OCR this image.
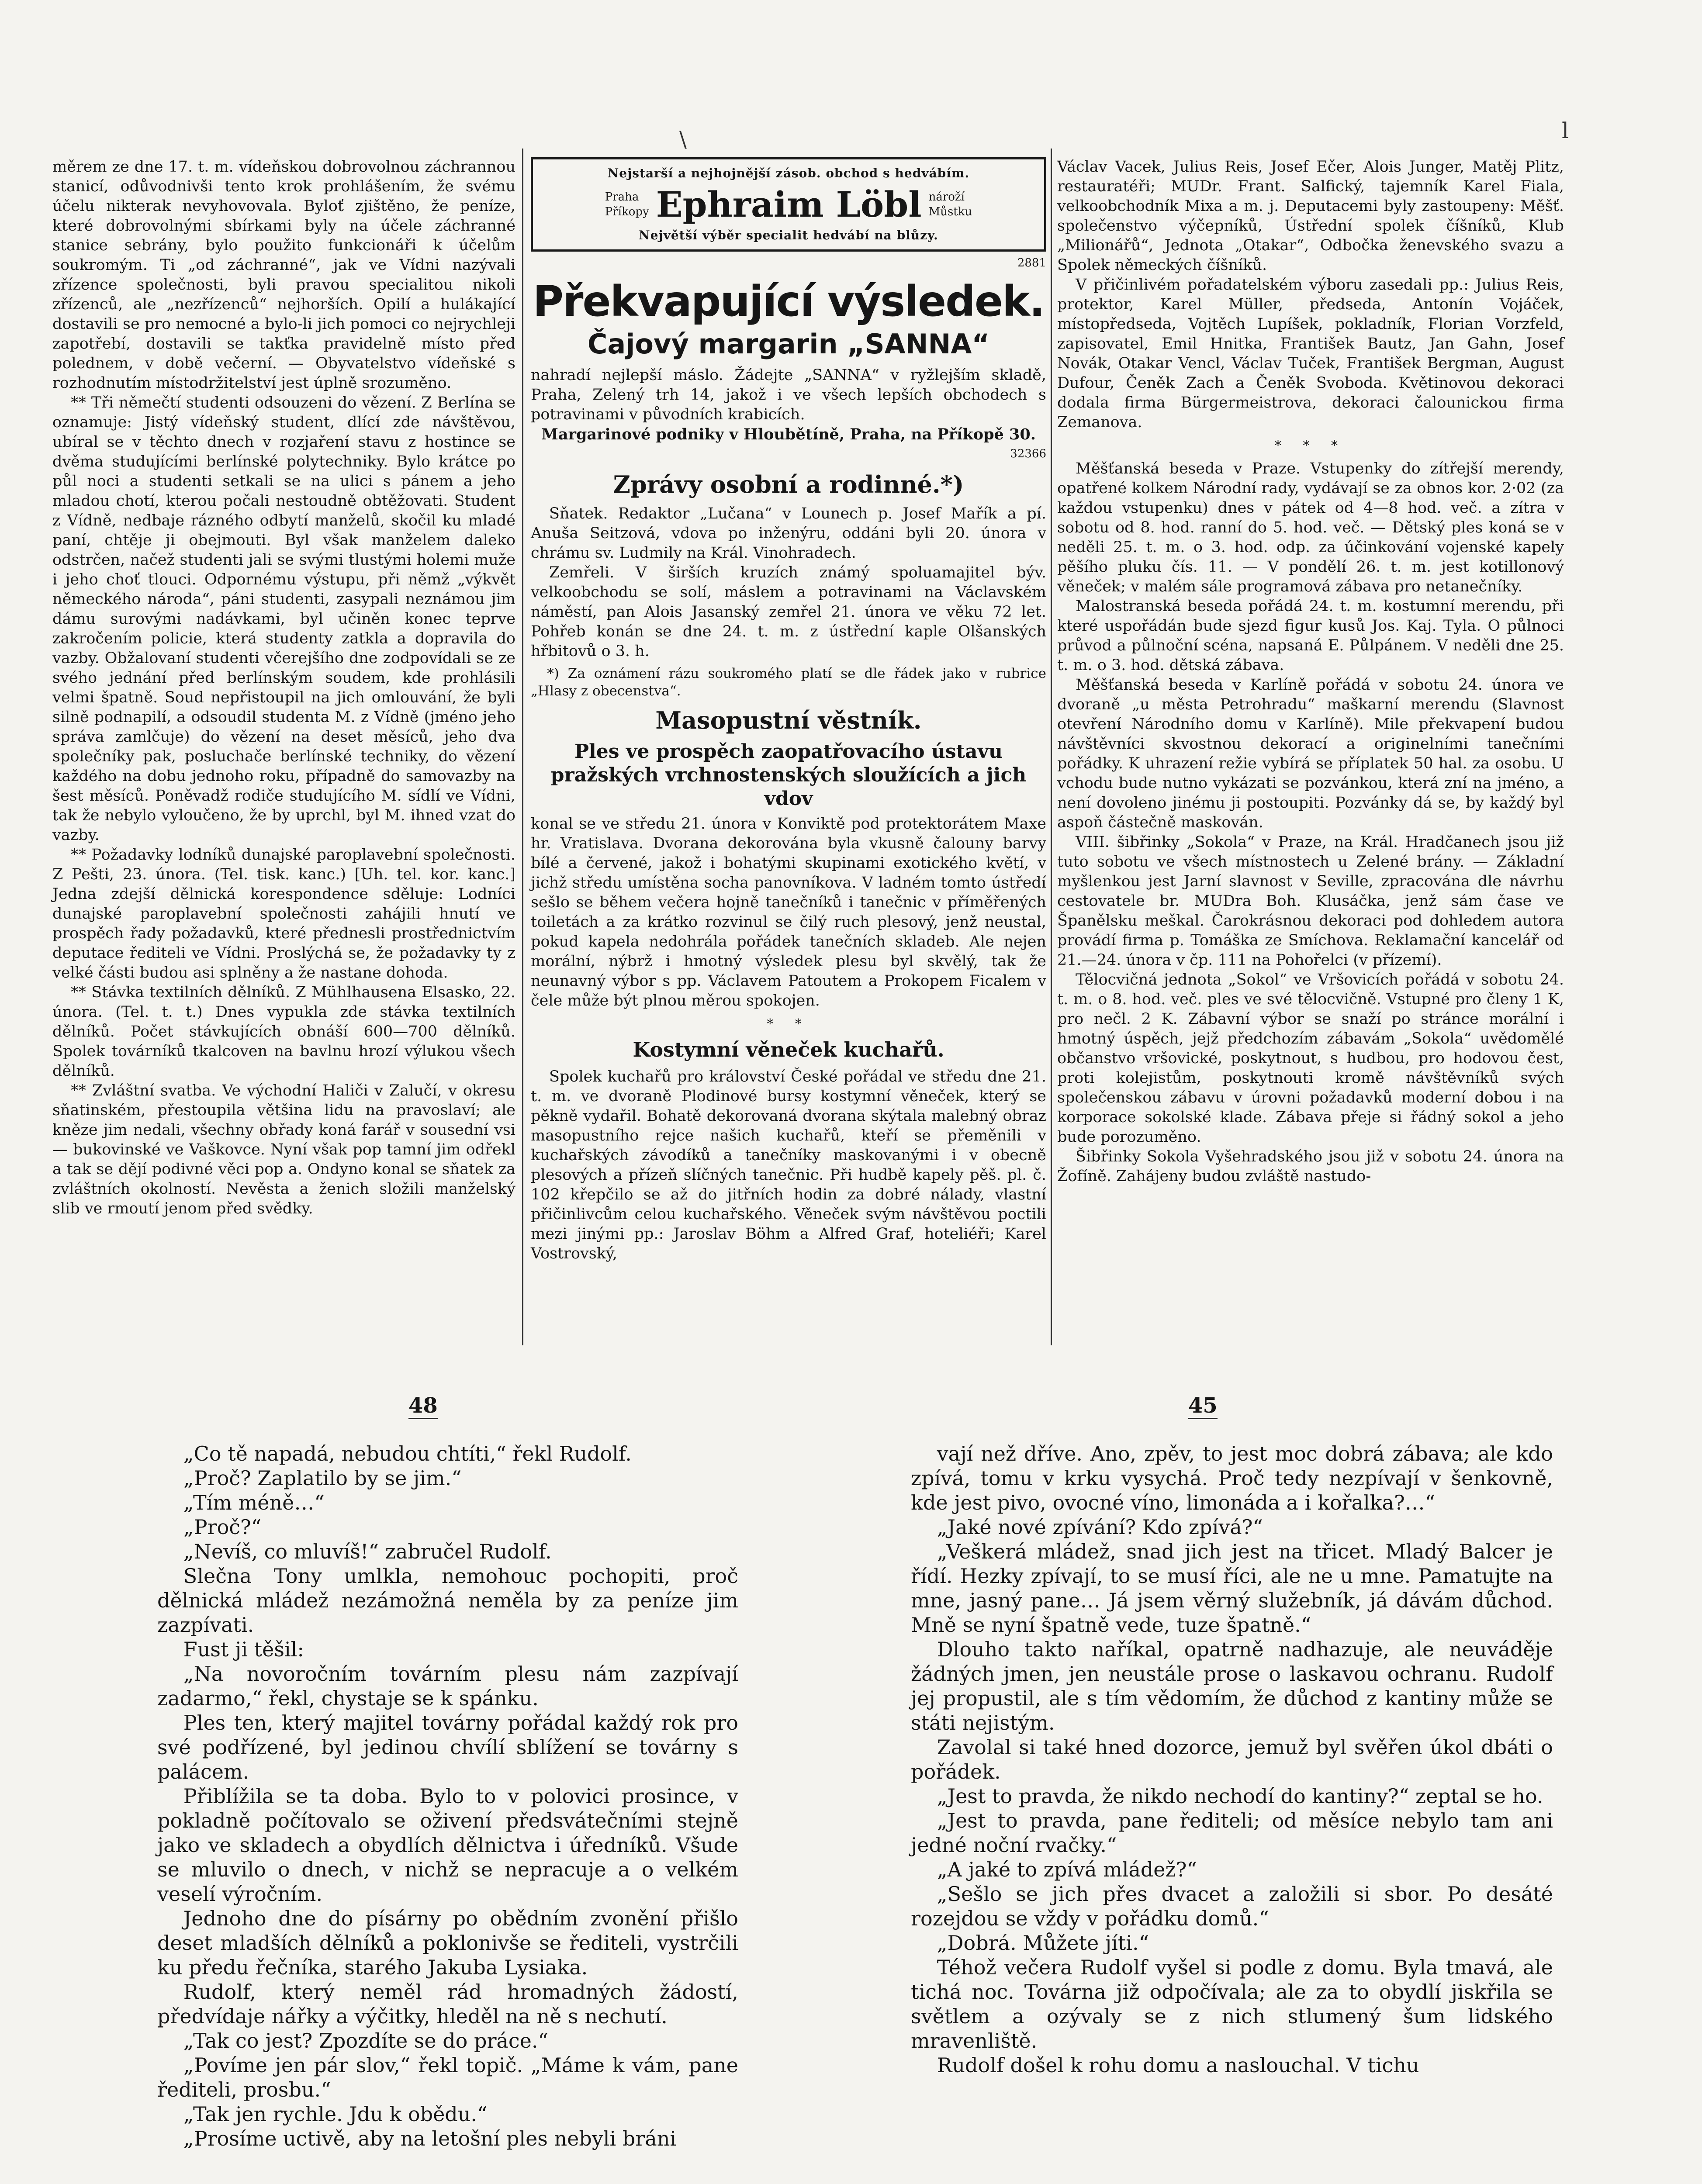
měrem ze dne 17. t. m. vídeňskou dobrovolnou záchrannou stanicí, odůvodnivši tento krok prohlášením, že svému účelu nikterak nevyhovovala. Byloť zjištěno, že peníze, které dobrovolnými sbírkami byly na účele záchranné stanice sebrány, bylo použito funkcionáři k účelům soukromým. Ti „od záchranné“, jak ve Vídni nazývali zřízence společnosti, byli pravou specialitou nikoli zřízenců, ale „nezřízenců“ nejhorších. Opilí a hulákající dostavili se pro nemocné a bylo-li jich pomoci co nejrychleji zapotřebí, dostavili se takťka pravidelně místo před polednem, v době večerní. — Obyvatelstvo vídeňské s rozhodnutím místodržitelství jest úplně srozuměno.

** Tři němečtí studenti odsouzeni do vězení. Z Berlína se oznamuje: Jistý vídeňský student, dlící zde návštěvou, ubíral se v těchto dnech v rozjaření stavu z hostince se dvěma studujícími berlínské polytechniky. Bylo krátce po půl noci a studenti setkali se na ulici s pánem a jeho mladou chotí, kterou počali nestoudně obtěžovati. Student z Vídně, nedbaje rázného odbytí manželů, skočil ku mladé paní, chtěje ji obejmouti. Byl však manželem daleko odstrčen, načež studenti jali se svými tlustými holemi muže i jeho choť tlouci. Odpornému výstupu, při němž „výkvět německého národa“, páni studenti, zasypali neznámou jim dámu surovými nadávkami, byl učiněn konec teprve zakročením policie, která studenty zatkla a dopravila do vazby. Obžalovaní studenti včerejšího dne zodpovídali se ze svého jednání před berlínským soudem, kde prohlásili velmi špatně. Soud nepřistoupil na jich omlouvání, že byli silně podnapilí, a odsoudil studenta M. z Vídně (jméno jeho správa zamlčuje) do vězení na deset měsíců, jeho dva společníky pak, posluchače berlínské techniky, do vězení každého na dobu jednoho roku, případně do samovazby na šest měsíců. Poněvadž rodiče studujícího M. sídlí ve Vídni, tak že nebylo vyloučeno, že by uprchl, byl M. ihned vzat do vazby.

** Požadavky lodníků dunajské paroplavební společnosti. Z Pešti, 23. února. (Tel. tisk. kanc.) [Uh. tel. kor. kanc.] Jedna zdejší dělnická korespondence sděluje: Lodníci dunajské paroplavební společnosti zahájili hnutí ve prospěch řady požadavků, které přednesli prostřednictvím deputace řediteli ve Vídni. Proslýchá se, že požadavky ty z velké části budou asi splněny a že nastane dohoda.

** Stávka textilních dělníků. Z Mühlhausena Elsasko, 22. února. (Tel. t. t.) Dnes vypukla zde stávka textilních dělníků. Počet stávkujících obnáší 600—700 dělníků. Spolek továrníků tkalcoven na bavlnu hrozí výlukou všech dělníků.

** Zvláštní svatba. Ve východní Haliči v Zalučí, v okresu sňatinském, přestoupila většina lidu na pravoslaví; ale kněze jim nedali, všechny obřady koná farář v sousední vsi — bukovinské ve Vaškovce. Nyní však pop tamní jim odřekl a tak se dějí podivné věci pop a. Ondyno konal se sňatek za zvláštních okolností. Nevěsta a ženich složili manželský slib ve rmoutí jenom před svědky.

Nejstarší a nejhojnější zásob. obchod s hedvábím.
Praha
Příkopy Ephraim Löbl nároží
Můstku
Největší výběr specialit hedvábí na blůzy.
2881
Překvapující výsledek.
Čajový margarin „SANNA“

nahradí nejlepší máslo. Žádejte „SANNA“ v ryžlejším skladě, Praha, Zelený trh 14, jakož i ve všech lepších obchodech s potravinami v původních krabicích.

Margarinové podniky v Hloubětíně, Praha, na Příkopě 30.

32366
Zprávy osobní a rodinné.*)

Sňatek. Redaktor „Lučana“ v Lounech p. Josef Mařík a pí. Anuša Seitzová, vdova po inženýru, oddáni byli 20. února v chrámu sv. Ludmily na Král. Vinohradech.

Zemřeli. V širších kruzích známý spoluamajitel býv. velkoobchodu se solí, máslem a potravinami na Václavském náměstí, pan Alois Jasanský zemřel 21. února ve věku 72 let. Pohřeb konán se dne 24. t. m. z ústřední kaple Olšanských hřbitovů o 3. h.

*) Za oznámení rázu soukromého platí se dle řádek jako v rubrice „Hlasy z obecenstva“.

Masopustní věstník.
Ples ve prospěch zaopatřovacího ústavu pražských vrchnostenských sloužících a jich vdov

konal se ve středu 21. února v Konviktě pod protektorátem Maxe hr. Vratislava. Dvorana dekorována byla vkusně čalouny barvy bílé a červené, jakož i bohatými skupinami exotického květí, v jichž středu umístěna socha panovníkova. V ladném tomto ústředí sešlo se během večera hojně tanečníků i tanečnic v příměřených toiletách a za krátko rozvinul se čilý ruch plesový, jenž neustal, pokud kapela nedohrála pořádek tanečních skladeb. Ale nejen morální, nýbrž i hmotný výsledek plesu byl skvělý, tak že neunavný výbor s pp. Václavem Patoutem a Prokopem Ficalem v čele může být plnou měrou spokojen.

* *
Kostymní věneček kuchařů.

Spolek kuchařů pro království České pořádal ve středu dne 21. t. m. ve dvoraně Plodinové bursy kostymní věneček, který se pěkně vydařil. Bohatě dekorovaná dvorana skýtala malebný obraz masopustního rejce našich kuchařů, kteří se přeměnili v kuchařských závodíků a tanečníky maskovanými i v obecně plesových a přízeň slíčných tanečnic. Při hudbě kapely pěš. pl. č. 102 křepčilo se až do jitřních hodin za dobré nálady, vlastní přičinlivcům celou kuchařského. Věneček svým návštěvou poctili mezi jinými pp.: Jaroslav Böhm a Alfred Graf, hoteliéři; Karel Vostrovský,

Václav Vacek, Julius Reis, Josef Ečer, Alois Junger, Matěj Plitz, restauratéři; MUDr. Frant. Salfický, tajemník Karel Fiala, velkoobchodník Mixa a m. j. Deputacemi byly zastoupeny: Měšť. společenstvo výčepníků, Ústřední spolek číšníků, Klub „Milionářů“, Jednota „Otakar“, Odbočka ženevského svazu a Spolek německých číšníků.

V přičinlivém pořadatelském výboru zasedali pp.: Julius Reis, protektor, Karel Müller, předseda, Antonín Vojáček, místopředseda, Vojtěch Lupíšek, pokladník, Florian Vorzfeld, zapisovatel, Emil Hnitka, František Bautz, Jan Gahn, Josef Novák, Otakar Vencl, Václav Tuček, František Bergman, August Dufour, Čeněk Zach a Čeněk Svoboda. Květinovou dekoraci dodala firma Bürgermeistrova, dekoraci čalounickou firma Zemanova.

* * *

Měšťanská beseda v Praze. Vstupenky do zítřejší merendy, opatřené kolkem Národní rady, vydávají se za obnos kor. 2·02 (za každou vstupenku) dnes v pátek od 4—8 hod. več. a zítra v sobotu od 8. hod. ranní do 5. hod. več. — Dětský ples koná se v neděli 25. t. m. o 3. hod. odp. za účinkování vojenské kapely pěšího pluku čís. 11. — V pondělí 26. t. m. jest kotillonový věneček; v malém sále programová zábava pro netanečníky.

Malostranská beseda pořádá 24. t. m. kostumní merendu, při které uspořádán bude sjezd figur kusů Jos. Kaj. Tyla. O půlnoci průvod a půlnoční scéna, napsaná E. Půlpánem. V neděli dne 25. t. m. o 3. hod. dětská zábava.

Měšťanská beseda v Karlíně pořádá v sobotu 24. února ve dvoraně „u města Petrohradu“ maškarní merendu (Slavnost otevření Národního domu v Karlíně). Mile překvapení budou návštěvníci skvostnou dekorací a originelními tanečními pořádky. K uhrazení režie vybírá se příplatek 50 hal. za osobu. U vchodu bude nutno vykázati se pozvánkou, která zní na jméno, a není dovoleno jinému ji postoupiti. Pozvánky dá se, by každý byl aspoň částečně maskován.

VIII. šibřinky „Sokola“ v Praze, na Král. Hradčanech jsou již tuto sobotu ve všech místnostech u Zelené brány. — Základní myšlenkou jest Jarní slavnost v Seville, zpracována dle návrhu cestovatele br. MUDra Boh. Klusáčka, jenž sám čase ve Španělsku meškal. Čarokrásnou dekoraci pod dohledem autora provádí firma p. Tomáška ze Smíchova. Reklamační kancelář od 21.—24. února v čp. 111 na Pohořelci (v přízemí).

Tělocvičná jednota „Sokol“ ve Vršovicích pořádá v sobotu 24. t. m. o 8. hod. več. ples ve své tělocvičně. Vstupné pro členy 1 K, pro nečl. 2 K. Zábavní výbor se snaží po stránce morální i hmotný úspěch, jejž předchozím zábavám „Sokola“ uvědomělé občanstvo vršovické, poskytnout, s hudbou, pro hodovou čest, proti kolejistům, poskytnouti kromě návštěvníků svých společenskou zábavu v úrovni požadavků moderní dobou i na korporace sokolské klade. Zábava přeje si řádný sokol a jeho bude porozuměno.

Šibřinky Sokola Vyšehradského jsou již v sobotu 24. února na Žofíně. Zahájeny budou zvláště nastudo-

48	45

„Co tě napadá, nebudou chtíti,“ řekl Rudolf.

„Proč? Zaplatilo by se jim.“

„Tím méně…“

„Proč?“

„Nevíš, co mluvíš!“ zabručel Rudolf.

Slečna Tony umlkla, nemohouc pochopiti, proč dělnická mládež nezámožná neměla by za peníze jim zazpívati.

Fust ji těšil:

„Na novoročním továrním plesu nám zazpívají zadarmo,“ řekl, chystaje se k spánku.

Ples ten, který majitel továrny pořádal každý rok pro své podřízené, byl jedinou chvílí sblížení se továrny s palácem.

Přiblížila se ta doba. Bylo to v polovici prosince, v pokladně počítovalo se oživení předsvátečními stejně jako ve skladech a obydlích dělnictva i úředníků. Všude se mluvilo o dnech, v nichž se nepracuje a o velkém veselí výročním.

Jednoho dne do písárny po obědním zvonění přišlo deset mladších dělníků a poklonivše se řediteli, vystrčili ku předu řečníka, starého Jakuba Lysiaka.

Rudolf, který neměl rád hromadných žádostí, předvídaje nářky a výčitky, hleděl na ně s nechutí.

„Tak co jest? Zpozdíte se do práce.“

„Povíme jen pár slov,“ řekl topič. „Máme k vám, pane řediteli, prosbu.“

„Tak jen rychle. Jdu k obědu.“

„Prosíme uctivě, aby na letošní ples nebyli bráni

vají než dříve. Ano, zpěv, to jest moc dobrá zábava; ale kdo zpívá, tomu v krku vysychá. Proč tedy nezpívají v šenkovně, kde jest pivo, ovocné víno, limonáda a i kořalka?…“

„Jaké nové zpívání? Kdo zpívá?“

„Veškerá mládež, snad jich jest na třicet. Mladý Balcer je řídí. Hezky zpívají, to se musí říci, ale ne u mne. Pamatujte na mne, jasný pane… Já jsem věrný služebník, já dávám důchod. Mně se nyní špatně vede, tuze špatně.“

Dlouho takto naříkal, opatrně nadhazuje, ale neuváděje žádných jmen, jen neustále prose o laskavou ochranu. Rudolf jej propustil, ale s tím vědomím, že důchod z kantiny může se státi nejistým.

Zavolal si také hned dozorce, jemuž byl svěřen úkol dbáti o pořádek.

„Jest to pravda, že nikdo nechodí do kantiny?“ zeptal se ho.

„Jest to pravda, pane řediteli; od měsíce nebylo tam ani jedné noční rvačky.“

„A jaké to zpívá mládež?“

„Sešlo se jich přes dvacet a založili si sbor. Po desáté rozejdou se vždy v pořádku domů.“

„Dobrá. Můžete jíti.“

Téhož večera Rudolf vyšel si podle z domu. Byla tmavá, ale tichá noc. Továrna již odpočívala; ale za to obydlí jiskřila se světlem a ozývaly se z nich stlumený šum lidského mravenliště.

Rudolf došel k rohu domu a naslouchal. V tichu

\	l
